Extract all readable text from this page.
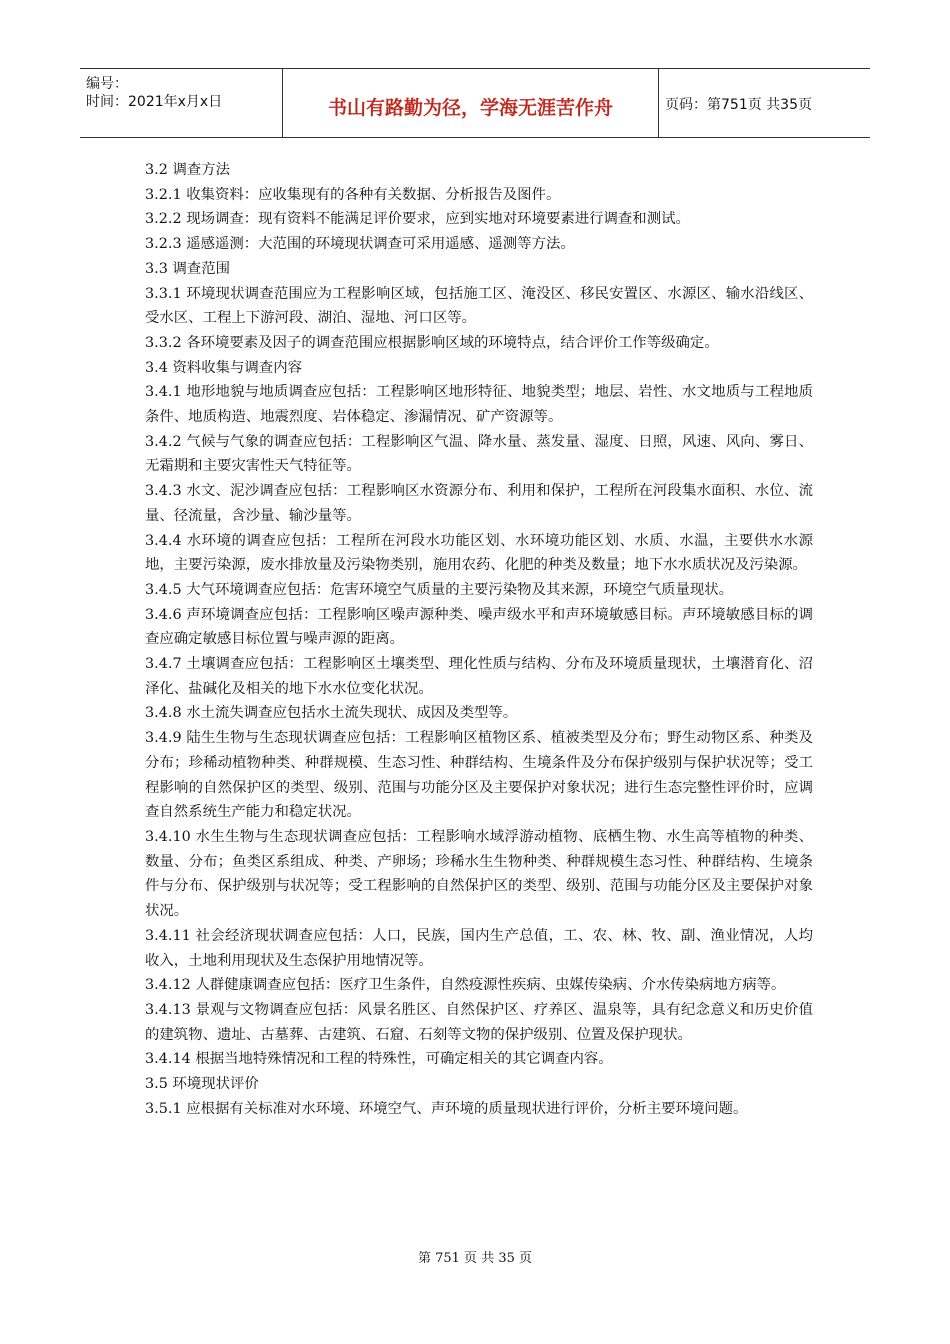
编号：
时间：2021年x月x日	书山有路勤为径，学海无涯苦作舟	页码：第751页 共35页

3.2 调查方法

3.2.1 收集资料：应收集现有的各种有关数据、分析报告及图件。

3.2.2 现场调查：现有资料不能满足评价要求，应到实地对环境要素进行调查和测试。

3.2.3 遥感遥测：大范围的环境现状调查可采用遥感、遥测等方法。

3.3 调查范围

3.3.1 环境现状调查范围应为工程影响区域，包括施工区、淹没区、移民安置区、水源区、输水沿线区、受水区、工程上下游河段、湖泊、湿地、河口区等。

3.3.2 各环境要素及因子的调查范围应根据影响区域的环境特点，结合评价工作等级确定。

3.4 资料收集与调查内容

3.4.1 地形地貌与地质调查应包括：工程影响区地形特征、地貌类型；地层、岩性、水文地质与工程地质条件、地质构造、地震烈度、岩体稳定、渗漏情况、矿产资源等。

3.4.2 气候与气象的调查应包括：工程影响区气温、降水量、蒸发量、湿度、日照，风速、风向、雾日、无霜期和主要灾害性天气特征等。

3.4.3 水文、泥沙调查应包括：工程影响区水资源分布、利用和保护，工程所在河段集水面积、水位、流量、径流量，含沙量、输沙量等。

3.4.4 水环境的调查应包括：工程所在河段水功能区划、水环境功能区划、水质、水温，主要供水水源地，主要污染源，废水排放量及污染物类别，施用农药、化肥的种类及数量；地下水水质状况及污染源。

3.4.5 大气环境调查应包括：危害环境空气质量的主要污染物及其来源，环境空气质量现状。

3.4.6 声环境调查应包括：工程影响区噪声源种类、噪声级水平和声环境敏感目标。声环境敏感目标的调查应确定敏感目标位置与噪声源的距离。

3.4.7 土壤调查应包括：工程影响区土壤类型、理化性质与结构、分布及环境质量现状，土壤潜育化、沼泽化、盐碱化及相关的地下水水位变化状况。

3.4.8 水土流失调查应包括水土流失现状、成因及类型等。

3.4.9 陆生生物与生态现状调查应包括：工程影响区植物区系、植被类型及分布；野生动物区系、种类及分布；珍稀动植物种类、种群规模、生态习性、种群结构、生境条件及分布保护级别与保护状况等；受工程影响的自然保护区的类型、级别、范围与功能分区及主要保护对象状况；进行生态完整性评价时，应调查自然系统生产能力和稳定状况。

3.4.10 水生生物与生态现状调查应包括：工程影响水域浮游动植物、底栖生物、水生高等植物的种类、数量、分布；鱼类区系组成、种类、产卵场；珍稀水生生物种类、种群规模生态习性、种群结构、生境条件与分布、保护级别与状况等；受工程影响的自然保护区的类型、级别、范围与功能分区及主要保护对象状况。

3.4.11 社会经济现状调查应包括：人口，民族，国内生产总值，工、农、林、牧、副、渔业情况，人均收入，土地利用现状及生态保护用地情况等。

3.4.12 人群健康调查应包括：医疗卫生条件，自然疫源性疾病、虫媒传染病、介水传染病地方病等。

3.4.13 景观与文物调查应包括：风景名胜区、自然保护区、疗养区、温泉等，具有纪念意义和历史价值的建筑物、遗址、古墓葬、古建筑、石窟、石刻等文物的保护级别、位置及保护现状。

3.4.14 根据当地特殊情况和工程的特殊性，可确定相关的其它调查内容。

3.5 环境现状评价

3.5.1 应根据有关标准对水环境、环境空气、声环境的质量现状进行评价，分析主要环境问题。

第 751 页 共 35 页
